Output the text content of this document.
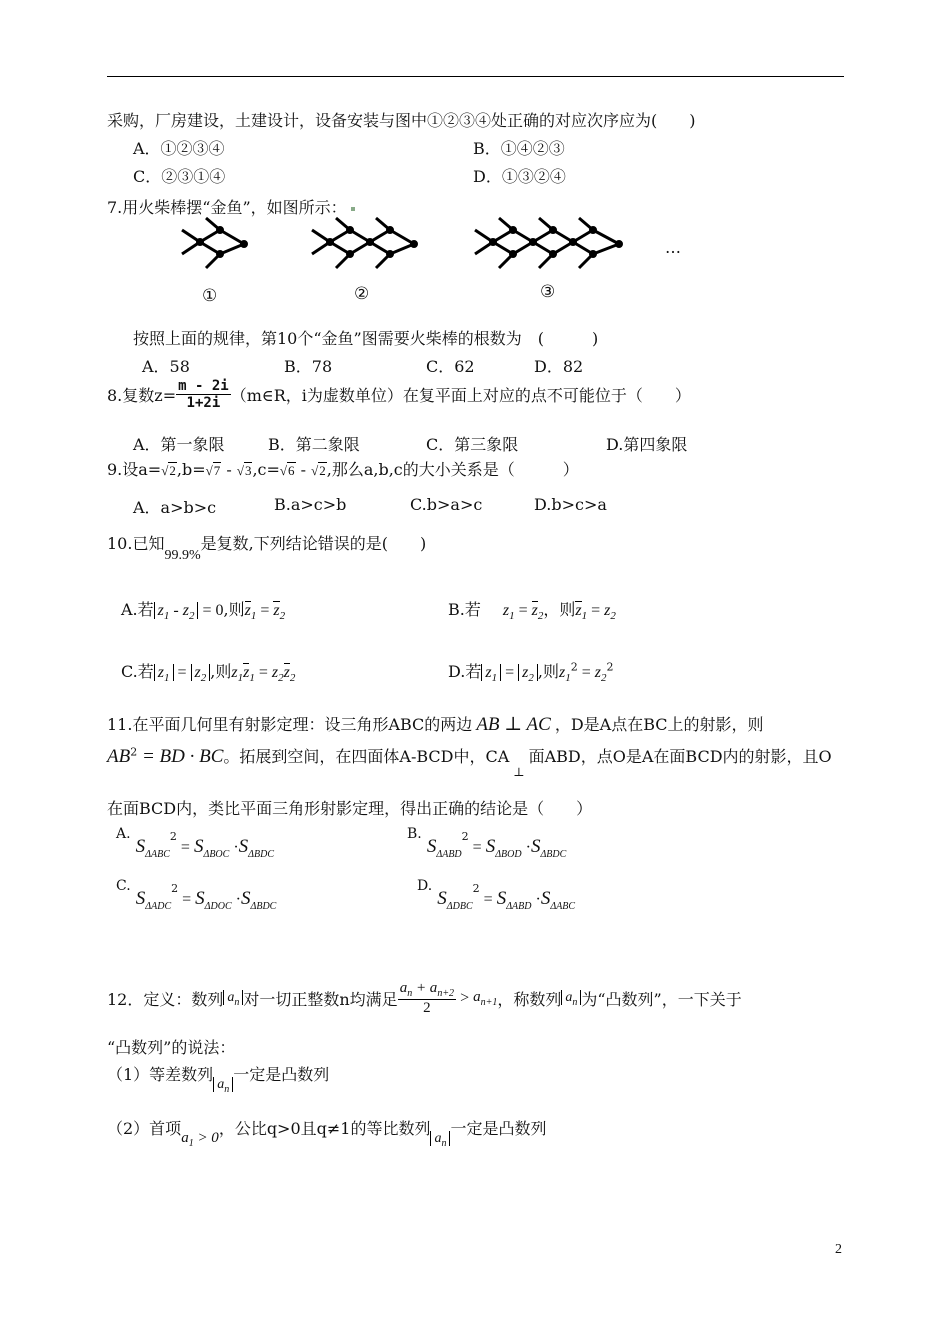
采购，厂房建设，土建设计，设备安装与图中①②③④处正确的对应次序应为(　　)
A．①②③④	B．①④②③
C．②③①④	D．①③②④
7.用火柴棒摆“金鱼”，如图所示：
…
①	②	③
按照上面的规律，第10个“金鱼”图需要火柴棒的根数为　(　　　)
A．58	B．78	C．62	D．82
8.复数$z= \frac{m - 2i}{1+2i}$ （m∈R，i为虚数单位）在复平面上对应的点不可能位于（　　）
A．第一象限	B．第二象限	C．第三象限	D.第四象限
9.设a=√2,b=√7 - √3,c=√6 - √2,那么a,b,c的大小关系是（　　　）
A．a>b>c	B.a>c>b	C.b>a>c	D.b>c>a
10.已知99.9%是复数,下列结论错误的是(　　)
A.若 $z_1 - z_2 = 0$,则$z_1 = z_2$	B.若 $z_1 = z_2$，则$z_1 = z_2$
C.若 $z_1 = z_2$ ,则$z_1z_1 = z_2z_2$	D.若 $z_1 = z_2$ ,则$z_1^2 = z_2^2$
11.在平面几何里有射影定理：设三角形ABC的两边 AB ⊥ AC ，D是A点在BC上的射影，则
$AB^2$ = BD · BC。拓展到空间，在四面体A-BCD中，$CA_\perp$面ABD，点O是A在面BCD内的射影，且O
在面BCD内，类比平面三角形射影定理，得出正确的结论是（　　）
A. $S_{\Delta ABC}^2 = S_{\Delta BOC} \cdot S_{\Delta BDC}$
B. $S_{\Delta ABD}^2 = S_{\Delta BOD} \cdot S_{\Delta BDC}$
C. $S_{\Delta ADC}^2 = S_{\Delta DOC} \cdot S_{\Delta BDC}$
D. $S_{\Delta DBC}^2 = S_{\Delta ABD} \cdot S_{\Delta ABC}$
12．定义：数列 $a_n$ 对一切正整数n均满足 $\frac{a_n + a_{n+2}}{2} > a_{n+1}$，称数列 $a_n$ 为“凸数列”，一下关于
“凸数列”的说法：
（1）等差数列$a_n$一定是凸数列
（2）首项$a_1 > 0$，公比q>0且q≠1的等比数列$a_n$一定是凸数列
2
